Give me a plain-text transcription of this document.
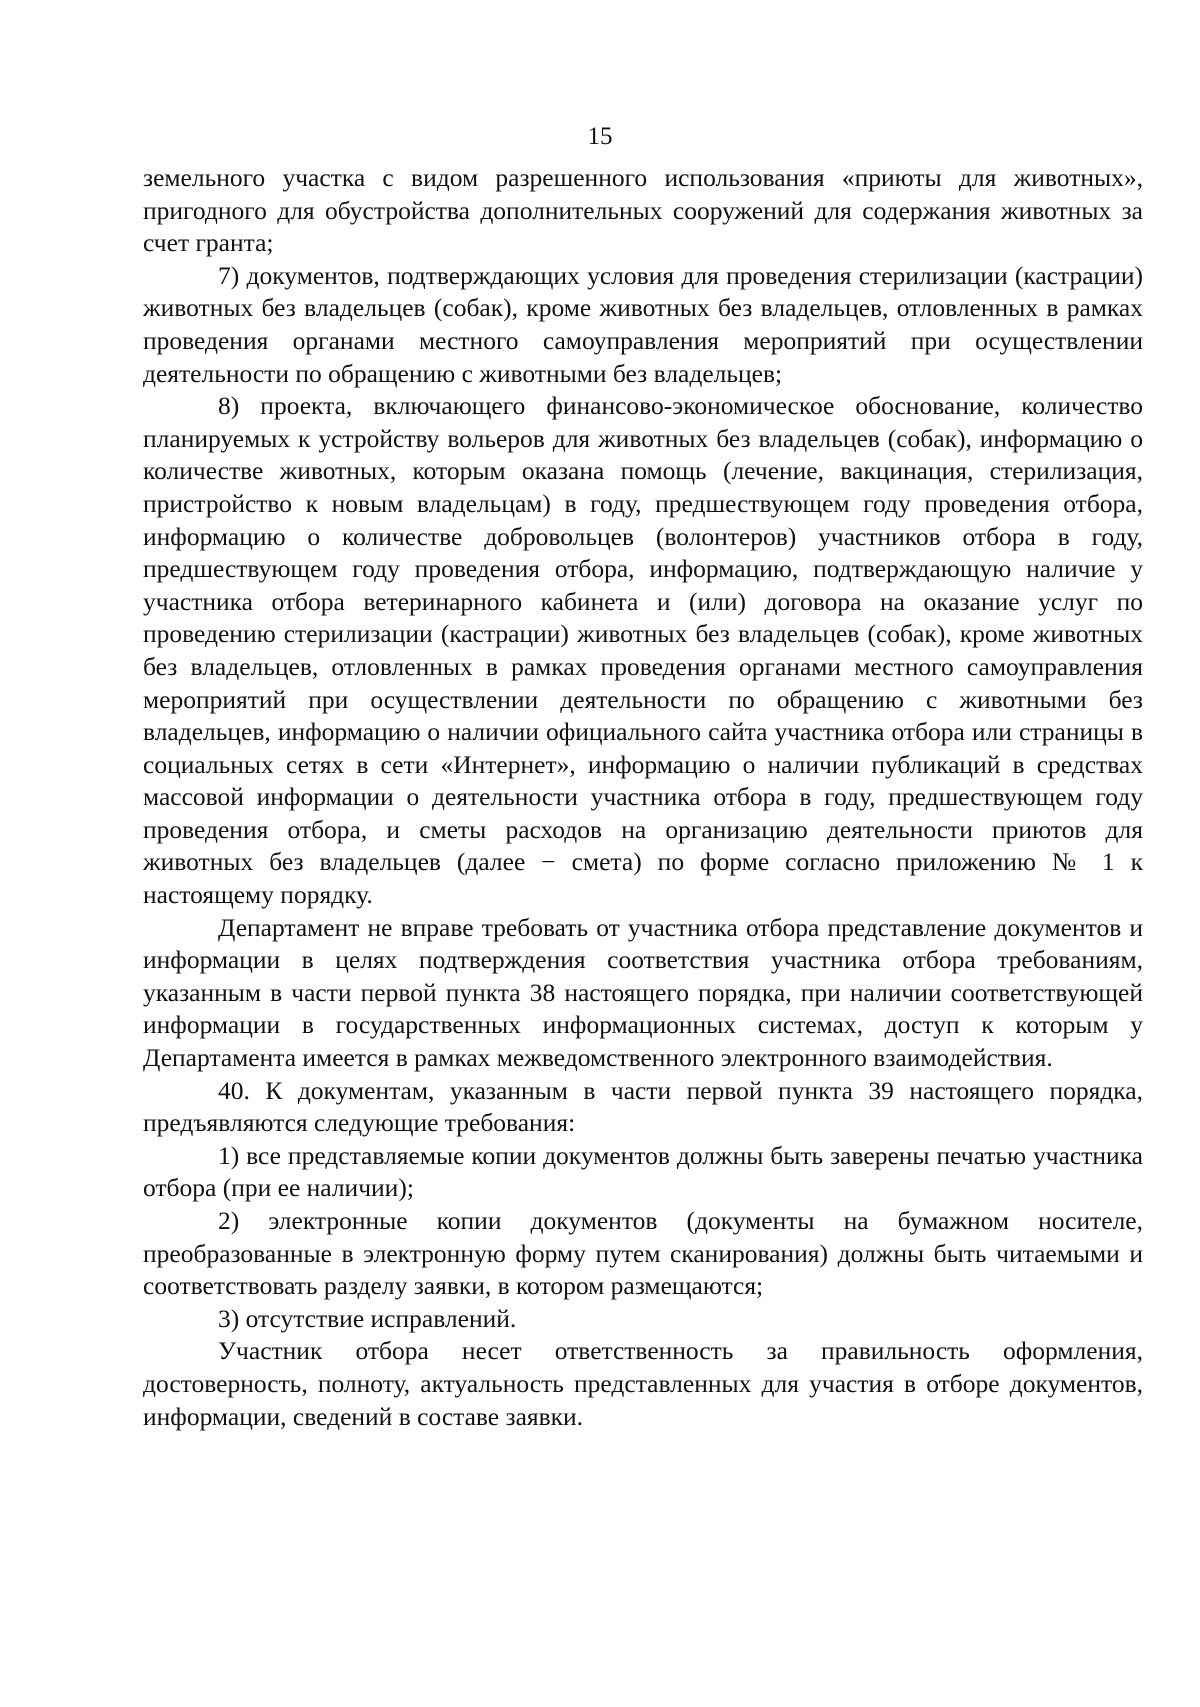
15

земельного участка с видом разрешенного использования «приюты для животных», пригодного для обустройства дополнительных сооружений для содержания животных за счет гранта;

7) документов, подтверждающих условия для проведения стерилизации (кастрации) животных без владельцев (собак), кроме животных без владельцев, отловленных в рамках проведения органами местного самоуправления мероприятий при осуществлении деятельности по обращению с животными без владельцев;

8) проекта, включающего финансово-экономическое обоснование, количество планируемых к устройству вольеров для животных без владельцев (собак), информацию о количестве животных, которым оказана помощь (лечение, вакцинация, стерилизация, пристройство к новым владельцам) в году, предшествующем году проведения отбора, информацию о количестве добровольцев (волонтеров) участников отбора в году, предшествующем году проведения отбора, информацию, подтверждающую наличие у участника отбора ветеринарного кабинета и (или) договора на оказание услуг по проведению стерилизации (кастрации) животных без владельцев (собак), кроме животных без владельцев, отловленных в рамках проведения органами местного самоуправления мероприятий при осуществлении деятельности по обращению с животными без владельцев, информацию о наличии официального сайта участника отбора или страницы в социальных сетях в сети «Интернет», информацию о наличии публикаций в средствах массовой информации о деятельности участника отбора в году, предшествующем году проведения отбора, и сметы расходов на организацию деятельности приютов для животных без владельцев (далее − смета) по форме согласно приложению № 1 к настоящему порядку.

Департамент не вправе требовать от участника отбора представление документов и информации в целях подтверждения соответствия участника отбора требованиям, указанным в части первой пункта 38 настоящего порядка, при наличии соответствующей информации в государственных информационных системах, доступ к которым у Департамента имеется в рамках межведомственного электронного взаимодействия.

40. К документам, указанным в части первой пункта 39 настоящего порядка, предъявляются следующие требования:

1) все представляемые копии документов должны быть заверены печатью участника отбора (при ее наличии);

2) электронные копии документов (документы на бумажном носителе, преобразованные в электронную форму путем сканирования) должны быть читаемыми и соответствовать разделу заявки, в котором размещаются;

3) отсутствие исправлений.

Участник отбора несет ответственность за правильность оформления, достоверность, полноту, актуальность представленных для участия в отборе документов, информации, сведений в составе заявки.
